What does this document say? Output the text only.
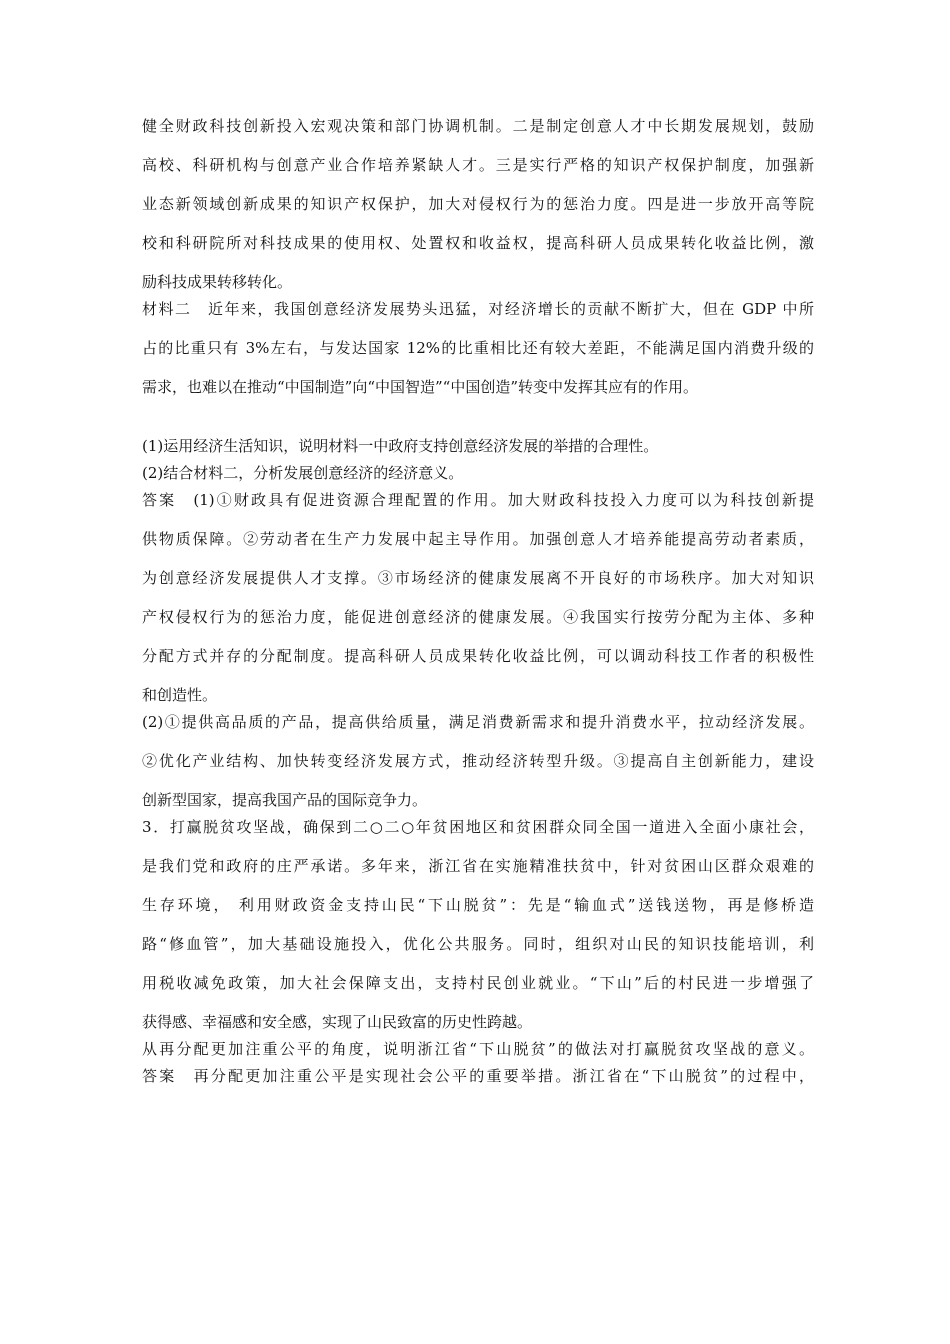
健全财政科技创新投入宏观决策和部门协调机制。二是制定创意人才中长期发展规划，鼓励
高校、科研机构与创意产业合作培养紧缺人才。三是实行严格的知识产权保护制度，加强新
业态新领域创新成果的知识产权保护，加大对侵权行为的惩治力度。四是进一步放开高等院
校和科研院所对科技成果的使用权、处置权和收益权，提高科研人员成果转化收益比例，激
励科技成果转移转化。
材料二　近年来，我国创意经济发展势头迅猛，对经济增长的贡献不断扩大，但在 GDP 中所
占的比重只有 3%左右，与发达国家 12%的比重相比还有较大差距，不能满足国内消费升级的
需求，也难以在推动“中国制造”向“中国智造”“中国创造”转变中发挥其应有的作用。
(1)运用经济生活知识，说明材料一中政府支持创意经济发展的举措的合理性。
(2)结合材料二，分析发展创意经济的经济意义。
答案　(1)①财政具有促进资源合理配置的作用。加大财政科技投入力度可以为科技创新提
供物质保障。②劳动者在生产力发展中起主导作用。加强创意人才培养能提高劳动者素质，
为创意经济发展提供人才支撑。③市场经济的健康发展离不开良好的市场秩序。加大对知识
产权侵权行为的惩治力度，能促进创意经济的健康发展。④我国实行按劳分配为主体、多种
分配方式并存的分配制度。提高科研人员成果转化收益比例，可以调动科技工作者的积极性
和创造性。
(2)①提供高品质的产品，提高供给质量，满足消费新需求和提升消费水平，拉动经济发展。
②优化产业结构、加快转变经济发展方式，推动经济转型升级。③提高自主创新能力，建设
创新型国家，提高我国产品的国际竞争力。
3．打赢脱贫攻坚战，确保到二○二○年贫困地区和贫困群众同全国一道进入全面小康社会，
是我们党和政府的庄严承诺。多年来，浙江省在实施精准扶贫中，针对贫困山区群众艰难的
生存环境， 利用财政资金支持山民“下山脱贫”：先是“输血式”送钱送物，再是修桥造
路“修血管”，加大基础设施投入，优化公共服务。同时，组织对山民的知识技能培训，利
用税收减免政策，加大社会保障支出，支持村民创业就业。“下山”后的村民进一步增强了
获得感、幸福感和安全感，实现了山民致富的历史性跨越。
从再分配更加注重公平的角度，说明浙江省“下山脱贫”的做法对打赢脱贫攻坚战的意义。
答案　再分配更加注重公平是实现社会公平的重要举措。浙江省在“下山脱贫”的过程中，
